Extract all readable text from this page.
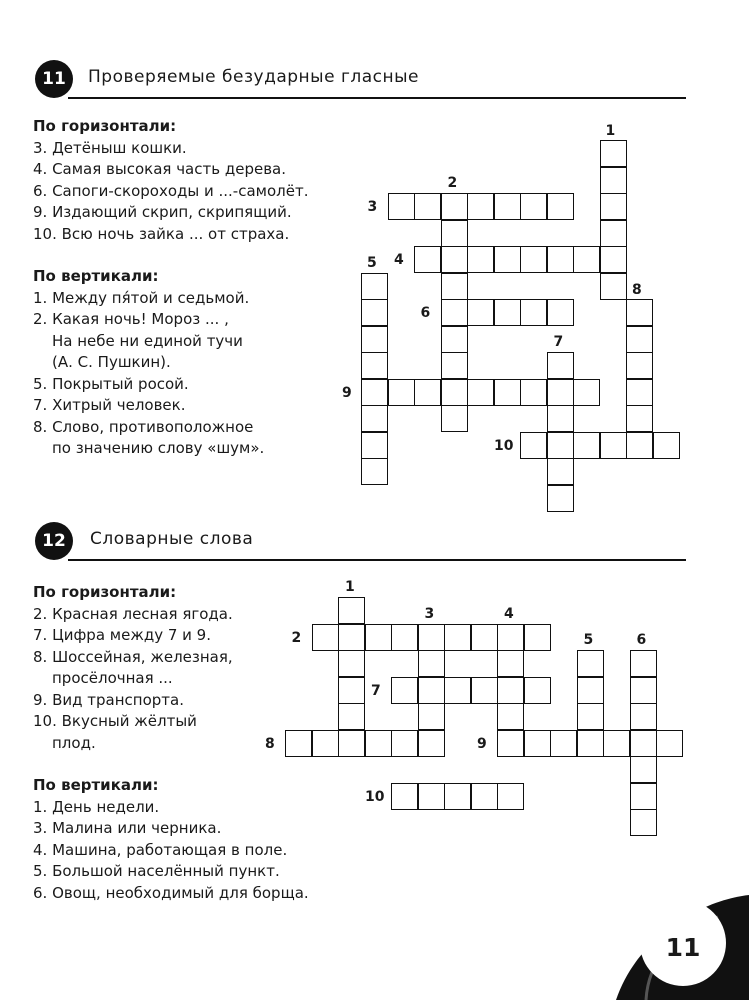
11	Проверяемые безударные гласные
По горизонтали:
3. Детёныш кошки.
4. Самая высокая часть дерева.
6. Сапоги-скороходы и ...-самолёт.
9. Издающий скрип, скрипящий.
10. Всю ночь зайка ... от страха.
По вертикали:
1. Между пя́той и седьмой.
2. Какая ночь! Мороз ... ,
На небе ни единой тучи
(А. С. Пушкин).
5. Покрытый росой.
7. Хитрый человек.
8. Слово, противоположное
по значению слову «шум».
12	Словарные слова
По горизонтали:
2. Красная лесная ягода.
7. Цифра между 7 и 9.
8. Шоссейная, железная,
просёлочная ...
9. Вид транспорта.
10. Вкусный жёлтый
плод.
По вертикали:
1. День недели.
3. Малина или черника.
4. Машина, работающая в поле.
5. Большой населённый пункт.
6. Овощ, необходимый для борща.
1
2
3
4
5
6
7
8
9
10
1
2
3	4
5	6
7
8	9
10
11
